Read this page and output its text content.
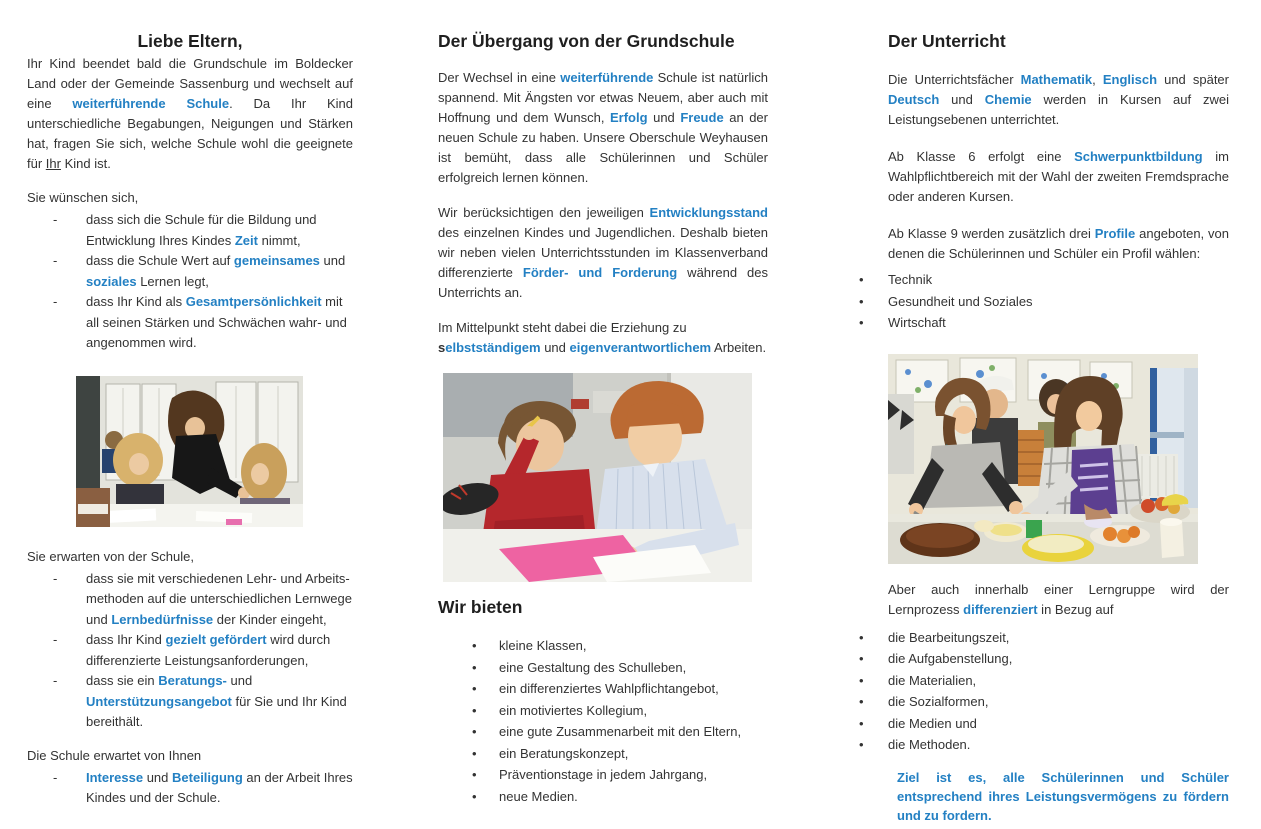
Liebe Eltern,

Ihr Kind beendet bald die Grundschule im Boldecker Land oder der Gemeinde Sassenburg und wechselt auf eine weiterführende Schule. Da Ihr Kind unterschiedliche Begabungen, Neigungen und Stärken hat, fragen Sie sich, welche Schule wohl die geeignete für Ihr Kind ist.

Sie wünschen sich,

- dass sich die Schule für die Bildung und Entwicklung Ihres Kindes Zeit nimmt,
- dass die Schule Wert auf gemeinsames und soziales Lernen legt,
- dass Ihr Kind als Gesamtpersönlichkeit mit all seinen Stärken und Schwächen wahr- und angenommen wird.

Sie erwarten von der Schule,

- dass sie mit verschiedenen Lehr- und Arbeitsmethoden auf die unterschiedlichen Lernwege und Lernbedürfnisse der Kinder eingeht,
- dass Ihr Kind gezielt gefördert wird durch differenzierte Leistungsanforderungen,
- dass sie ein Beratungs- und Unterstützungsangebot für Sie und Ihr Kind bereithält.

Die Schule erwartet von Ihnen

- Interesse und Beteiligung an der Arbeit Ihres Kindes und der Schule.
Der Übergang von der Grundschule

Der Wechsel in eine weiterführende Schule ist natürlich spannend. Mit Ängsten vor etwas Neuem, aber auch mit Hoffnung und dem Wunsch, Erfolg und Freude an der neuen Schule zu haben. Unsere Oberschule Weyhausen ist bemüht, dass alle Schülerinnen und Schüler erfolgreich lernen können.

Wir berücksichtigen den jeweiligen Entwicklungsstand des einzelnen Kindes und Jugendlichen. Deshalb bieten wir neben vielen Unterrichtsstunden im Klassenverband differenzierte Förder- und Forderung während des Unterrichts an.

Im Mittelpunkt steht dabei die Erziehung zu selbstständigem und eigenverantwortlichem Arbeiten.

Wir bieten
• kleine Klassen,
• eine Gestaltung des Schulleben,
• ein differenziertes Wahlpflichtangebot,
• ein motiviertes Kollegium,
• eine gute Zusammenarbeit mit den Eltern,
• ein Beratungskonzept,
• Präventionstage in jedem Jahrgang,
• neue Medien.
Der Unterricht

Die Unterrichtsfächer Mathematik, Englisch und später Deutsch und Chemie werden in Kursen auf zwei Leistungsebenen unterrichtet.

Ab Klasse 6 erfolgt eine Schwerpunktbildung im Wahlpflichtbereich mit der Wahl der zweiten Fremdsprache oder anderen Kursen.

Ab Klasse 9 werden zusätzlich drei Profile angeboten, von denen die Schülerinnen und Schüler ein Profil wählen:

• Technik
• Gesundheit und Soziales
• Wirtschaft

Aber auch innerhalb einer Lerngruppe wird der Lernprozess differenziert in Bezug auf

• die Bearbeitungszeit,
• die Aufgabenstellung,
• die Materialien,
• die Sozialformen,
• die Medien und
• die Methoden.

Ziel ist es, alle Schülerinnen und Schüler entsprechend ihres Leistungsvermögens zu fördern und zu fordern.
